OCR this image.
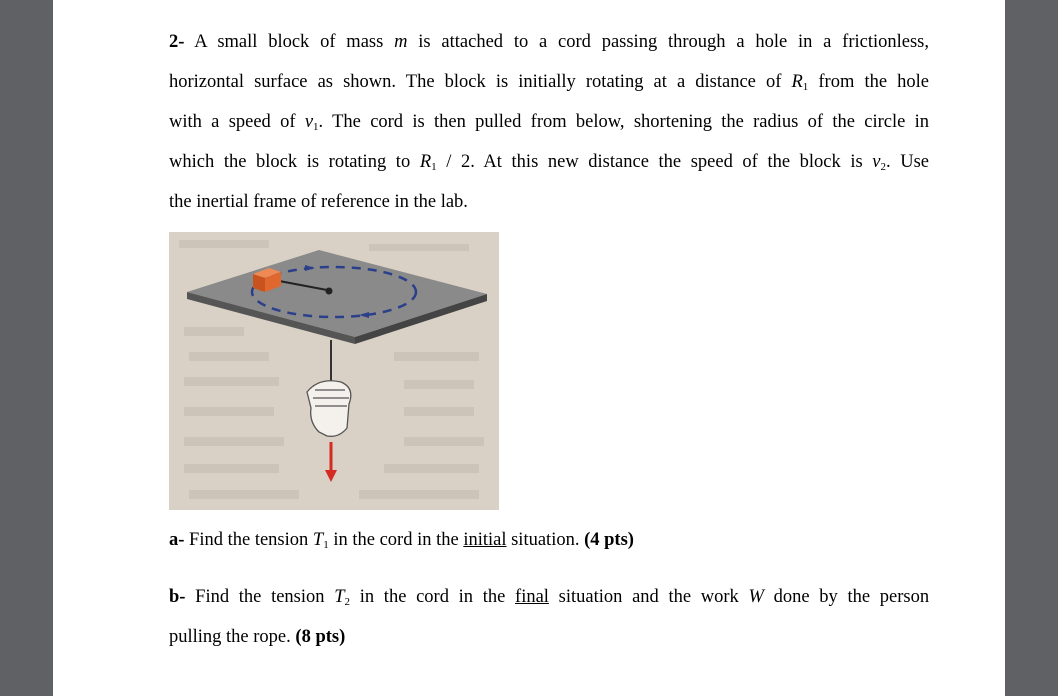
2- A small block of mass m is attached to a cord passing through a hole in a frictionless,
horizontal surface as shown. The block is initially rotating at a distance of $R_1$ from the hole
with a speed of $v_1$. The cord is then pulled from below, shortening the radius of the circle in
which the block is rotating to $R_1 / 2$. At this new distance the speed of the block is $v_2$. Use
the inertial frame of reference in the lab.
a- Find the tension $T_1$ in the cord in the initial situation. (4 pts)
b- Find the tension $T_2$ in the cord in the final situation and the work W done by the person
pulling the rope. (8 pts)
